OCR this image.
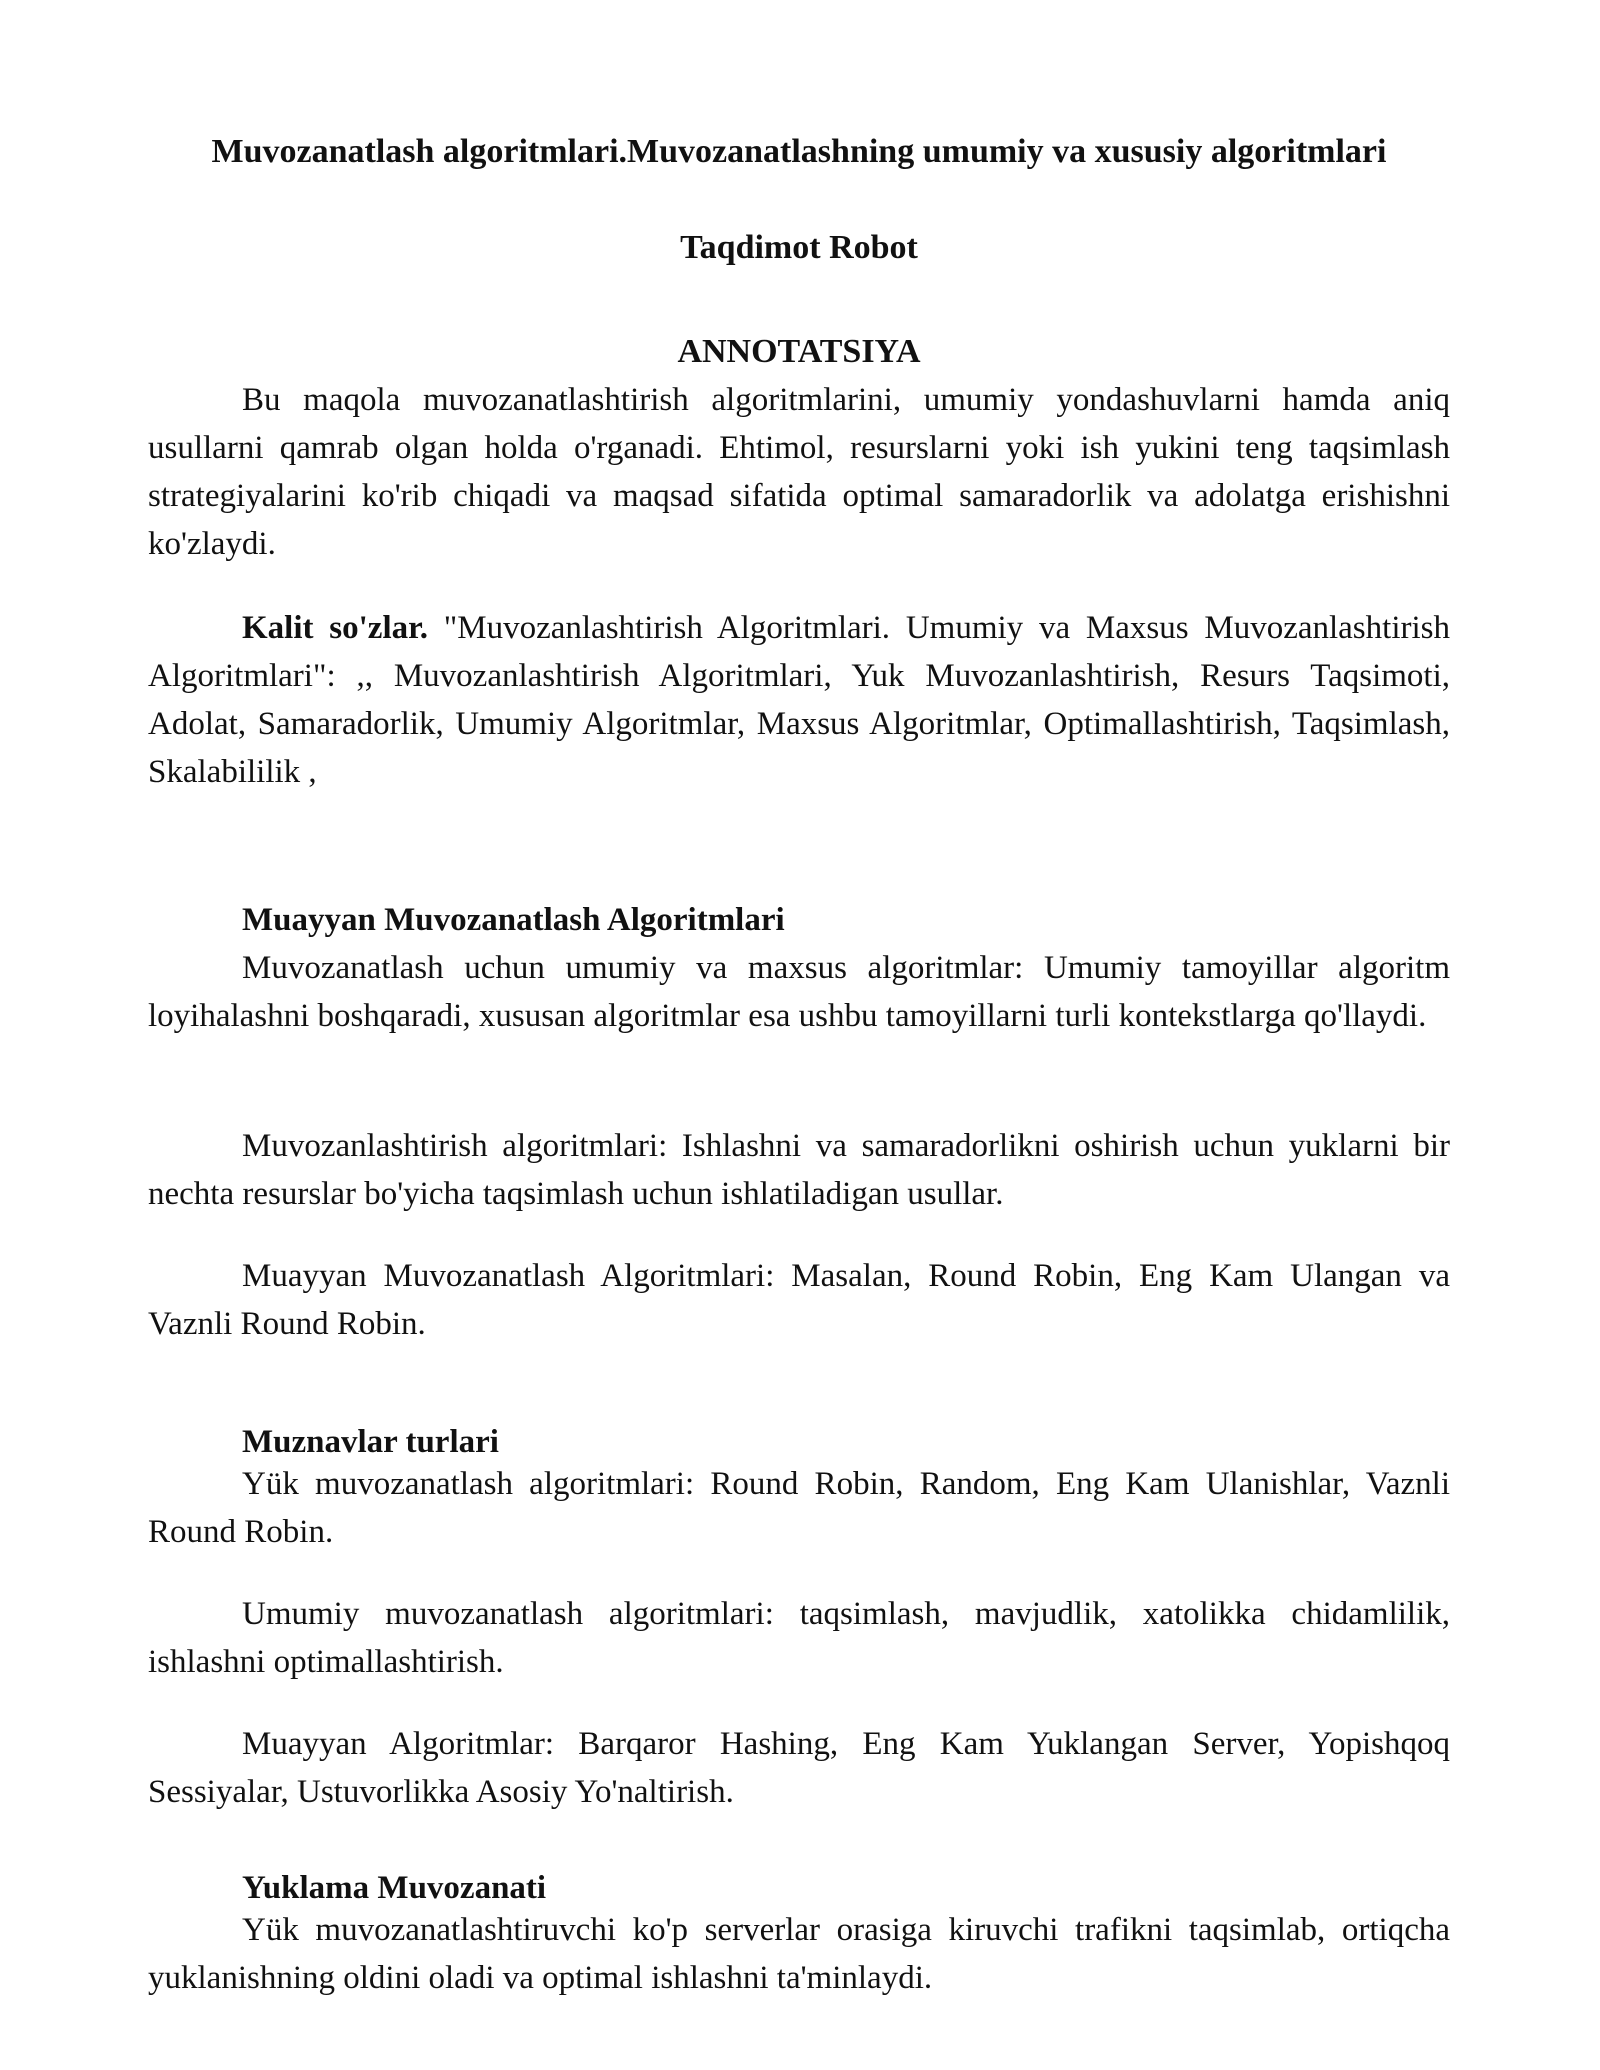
Muvozanatlash algoritmlari.Muvozanatlashning umumiy va xususiy algoritmlari
Taqdimot Robot
ANNOTATSIYA

Bu maqola muvozanatlashtirish algoritmlarini, umumiy yondashuvlarni hamda aniq usullarni qamrab olgan holda o'rganadi. Ehtimol, resurslarni yoki ish yukini teng taqsimlash strategiyalarini ko'rib chiqadi va maqsad sifatida optimal samaradorlik va adolatga erishishni ko'zlaydi.

Kalit so'zlar. "Muvozanlashtirish Algoritmlari. Umumiy va Maxsus Muvozanlashtirish Algoritmlari": ,, Muvozanlashtirish Algoritmlari, Yuk Muvozanlashtirish, Resurs Taqsimoti, Adolat, Samaradorlik, Umumiy Algoritmlar, Maxsus Algoritmlar, Optimallashtirish, Taqsimlash, Skalabililik ,

Muayyan Muvozanatlash Algoritmlari

Muvozanatlash uchun umumiy va maxsus algoritmlar: Umumiy tamoyillar algoritm loyihalashni boshqaradi, xususan algoritmlar esa ushbu tamoyillarni turli kontekstlarga qo'llaydi.

Muvozanlashtirish algoritmlari: Ishlashni va samaradorlikni oshirish uchun yuklarni bir nechta resurslar bo'yicha taqsimlash uchun ishlatiladigan usullar.

Muayyan Muvozanatlash Algoritmlari: Masalan, Round Robin, Eng Kam Ulangan va Vaznli Round Robin.

Muznavlar turlari

Yük muvozanatlash algoritmlari: Round Robin, Random, Eng Kam Ulanishlar, Vaznli Round Robin.

Umumiy muvozanatlash algoritmlari: taqsimlash, mavjudlik, xatolikka chidamlilik, ishlashni optimallashtirish.

Muayyan Algoritmlar: Barqaror Hashing, Eng Kam Yuklangan Server, Yopishqoq Sessiyalar, Ustuvorlikka Asosiy Yo'naltirish.

Yuklama Muvozanati

Yük muvozanatlashtiruvchi ko'p serverlar orasiga kiruvchi trafikni taqsimlab, ortiqcha yuklanishning oldini oladi va optimal ishlashni ta'minlaydi.
